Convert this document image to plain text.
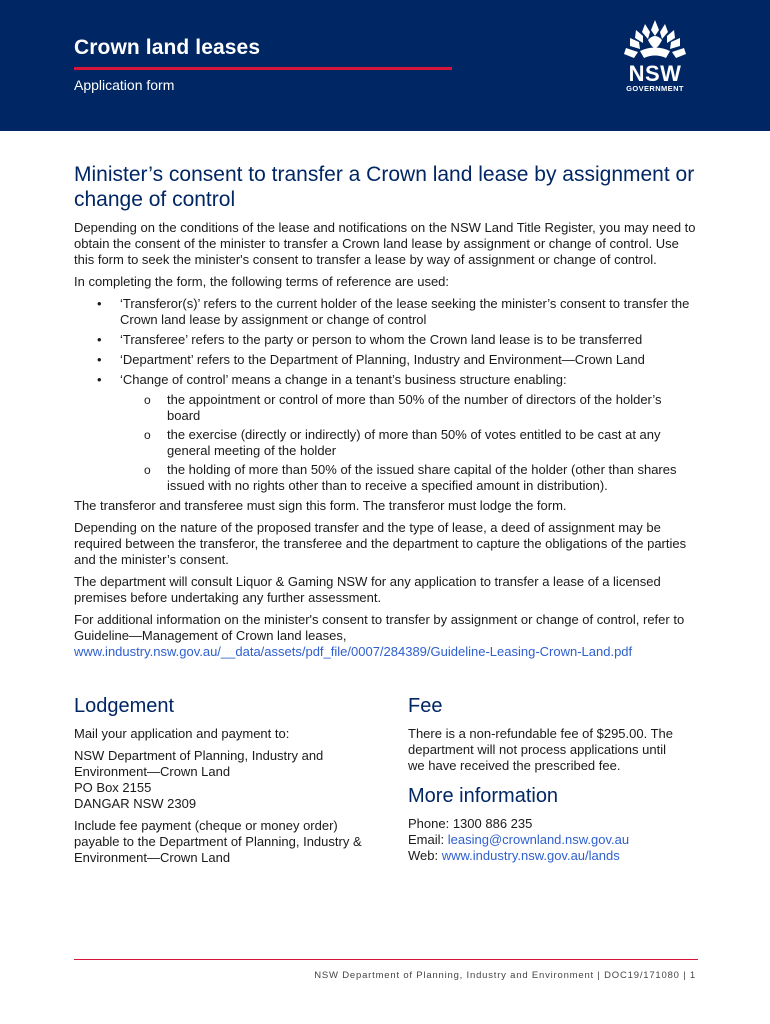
Crown land leases
Application form	NSW
GOVERNMENT
Minister’s consent to transfer a Crown land lease by assignment or change of control

Depending on the conditions of the lease and notifications on the NSW Land Title Register, you may need to obtain the consent of the minister to transfer a Crown land lease by assignment or change of control. Use this form to seek the minister's consent to transfer a lease by way of assignment or change of control.

In completing the form, the following terms of reference are used:

• ‘Transferor(s)’ refers to the current holder of the lease seeking the minister’s consent to transfer the Crown land lease by assignment or change of control
• ‘Transferee’ refers to the party or person to whom the Crown land lease is to be transferred
• ‘Department’ refers to the Department of Planning, Industry and Environment—Crown Land
• ‘Change of control’ means a change in a tenant’s business structure enabling:
o the appointment or control of more than 50% of the number of directors of the holder’s board
o the exercise (directly or indirectly) of more than 50% of votes entitled to be cast at any general meeting of the holder
o the holding of more than 50% of the issued share capital of the holder (other than shares issued with no rights other than to receive a specified amount in distribution).

The transferor and transferee must sign this form. The transferor must lodge the form.

Depending on the nature of the proposed transfer and the type of lease, a deed of assignment may be required between the transferor, the transferee and the department to capture the obligations of the parties and the minister’s consent.

The department will consult Liquor & Gaming NSW for any application to transfer a lease of a licensed premises before undertaking any further assessment.

For additional information on the minister's consent to transfer by assignment or change of control, refer to Guideline—Management of Crown land leases,
www.industry.nsw.gov.au/__data/assets/pdf_file/0007/284389/Guideline-Leasing-Crown-Land.pdf

Lodgement

Mail your application and payment to:

NSW Department of Planning, Industry and Environment—Crown Land

PO Box 2155

DANGAR NSW 2309

Include fee payment (cheque or money order) payable to the Department of Planning, Industry & Environment—Crown Land

Fee

There is a non-refundable fee of $295.00. The department will not process applications until we have received the prescribed fee.

More information

Phone: 1300 886 235

Email: leasing@crownland.nsw.gov.au

Web: www.industry.nsw.gov.au/lands

NSW Department of Planning, Industry and Environment | DOC19/171080 | 1
